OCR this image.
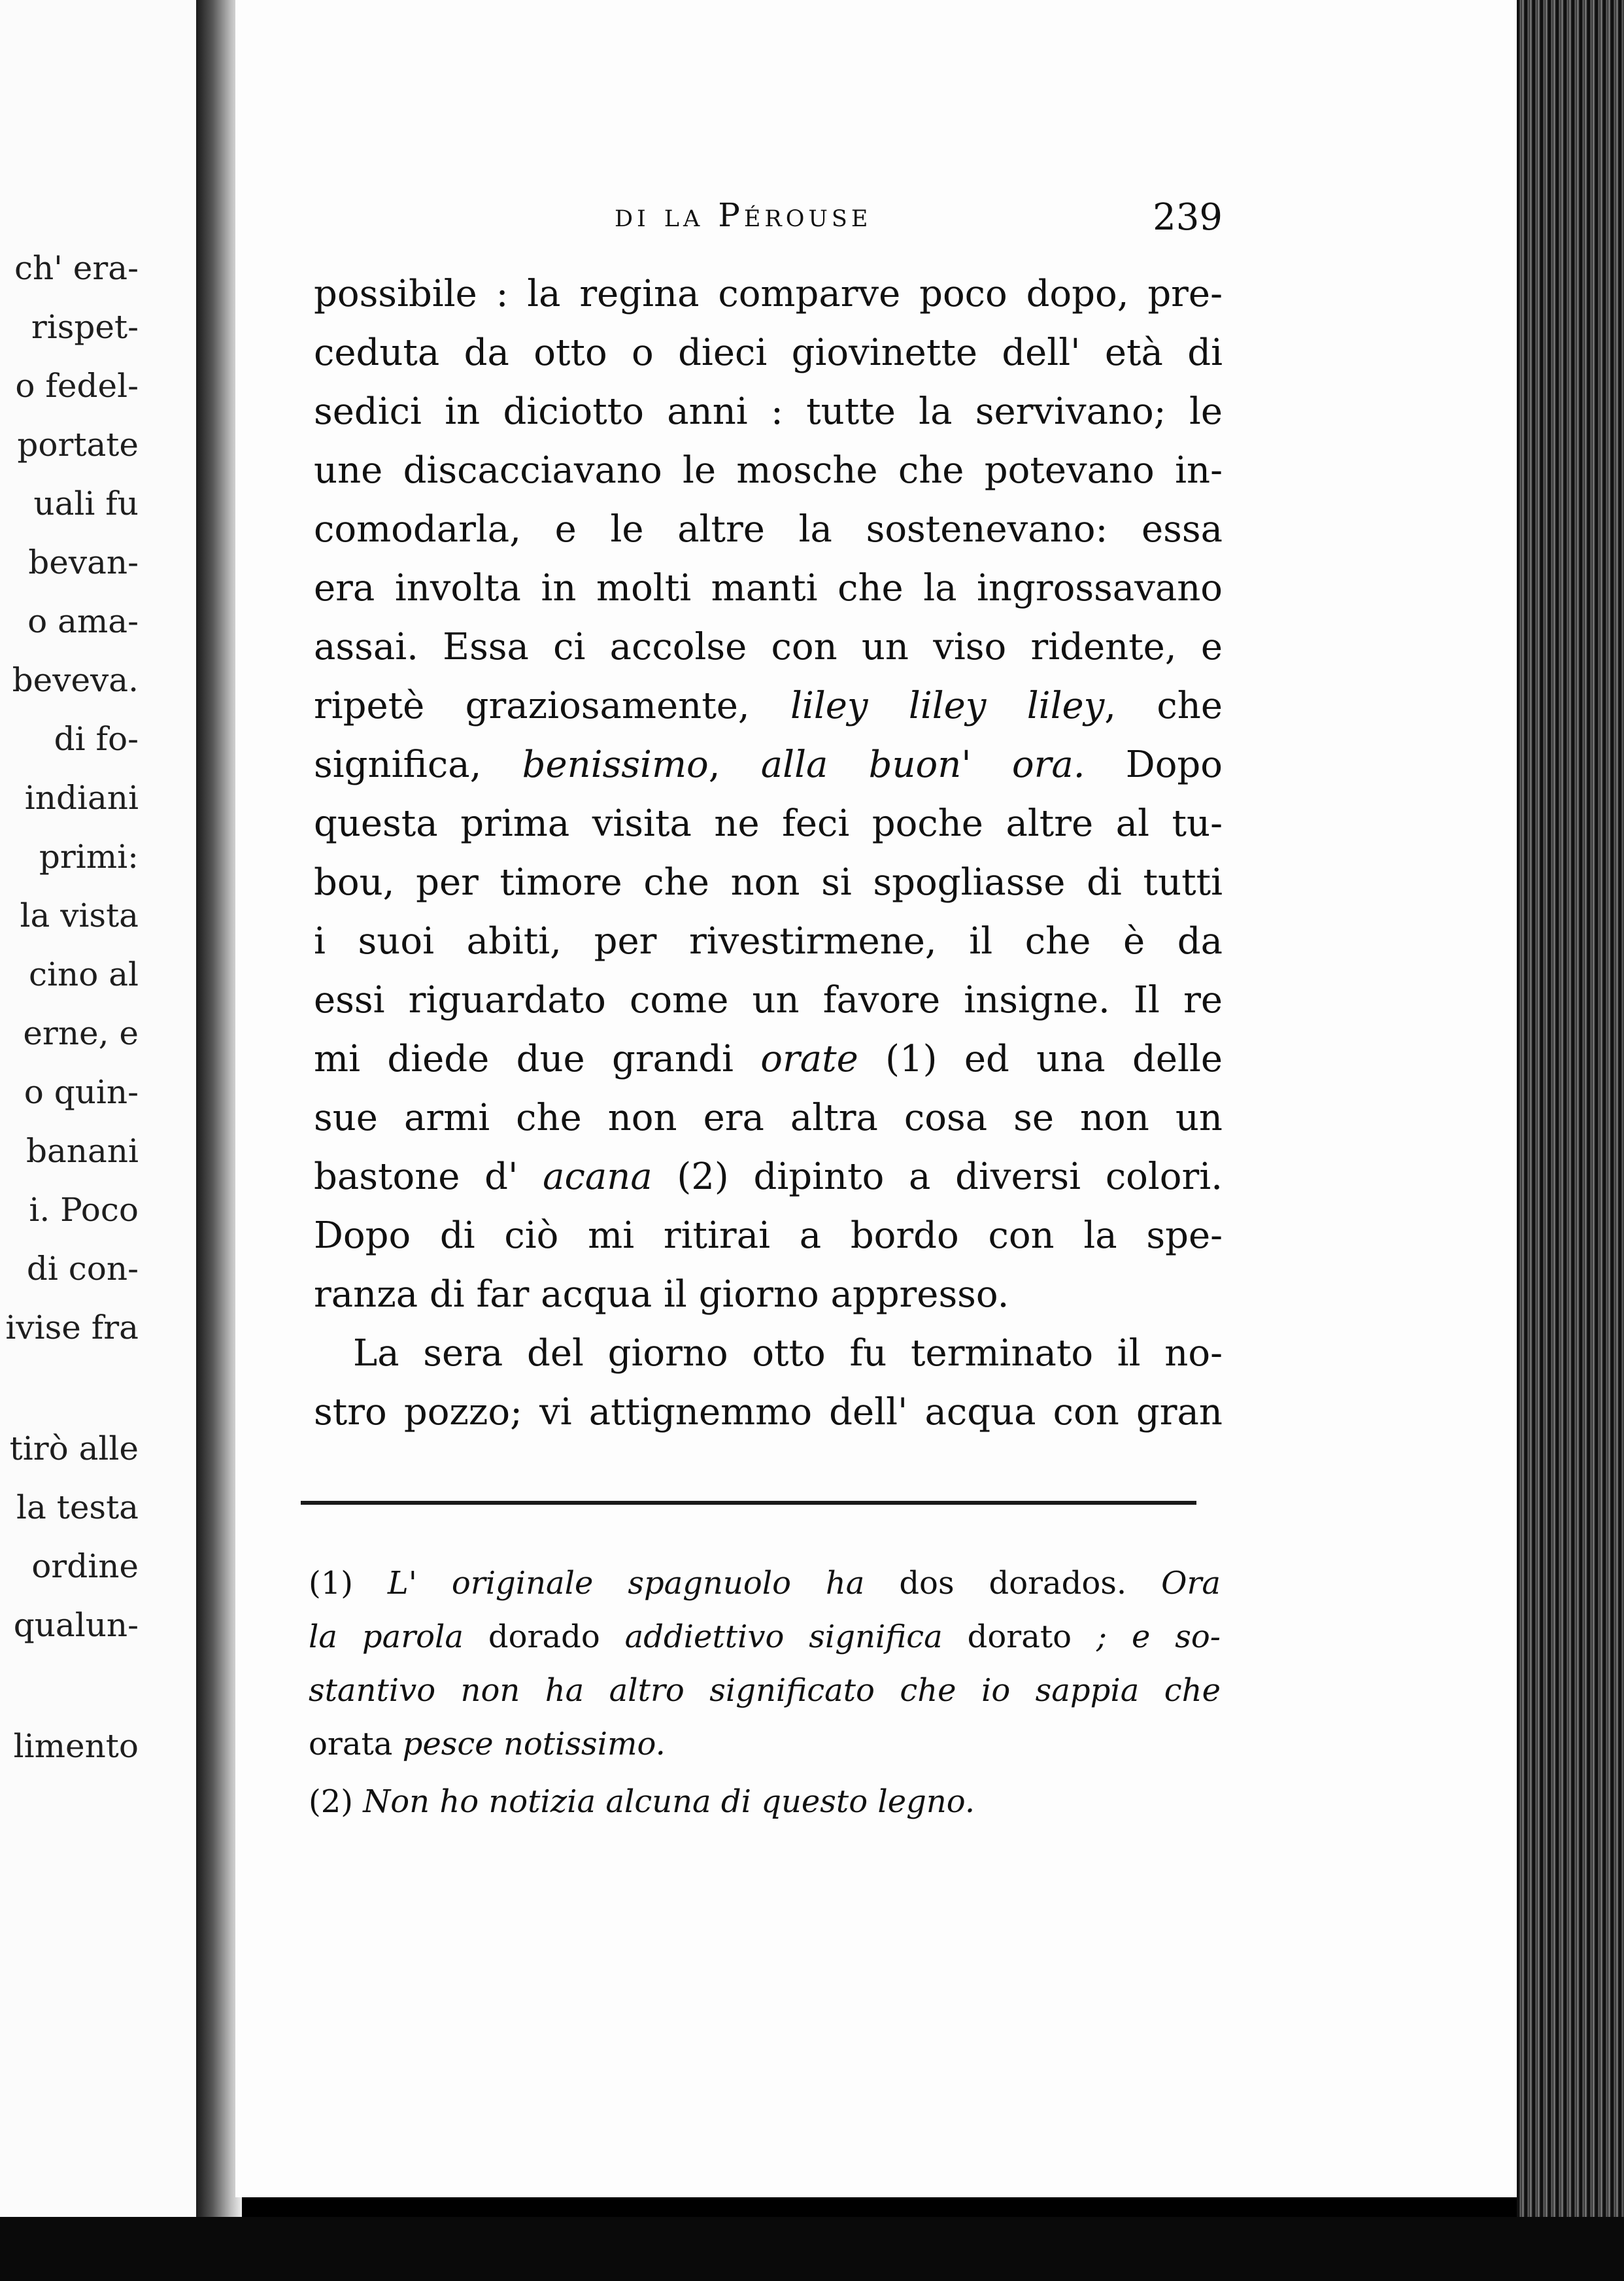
ch' era-
rispet-
o fedel-
portate
uali fu
bevan-
o ama-
beveva.
di fo-
indiani
primi:
la vista
cino al
erne, e
o quin-
banani
i. Poco
di con-
ivise fra
tirò alle
la testa
ordine
qualun-
limento
di la Pérouse	239
possibile : la regina comparve poco dopo, pre-
ceduta da otto o dieci giovinette dell' età di
sedici in diciotto anni : tutte la servivano; le
une discacciavano le mosche che potevano in-
comodarla, e le altre la sostenevano: essa
era involta in molti manti che la ingrossavano
assai. Essa ci accolse con un viso ridente, e
ripetè graziosamente, liley liley liley, che
significa, benissimo, alla buon' ora. Dopo
questa prima visita ne feci poche altre al tu-
bou, per timore che non si spogliasse di tutti
i suoi abiti, per rivestirmene, il che è da
essi riguardato come un favore insigne. Il re
mi diede due grandi orate (1) ed una delle
sue armi che non era altra cosa se non un
bastone d' acana (2) dipinto a diversi colori.
Dopo di ciò mi ritirai a bordo con la spe-
ranza di far acqua il giorno appresso.
La sera del giorno otto fu terminato il no-
stro pozzo; vi attignemmo dell' acqua con gran
(1) L' originale spagnuolo ha dos dorados. Ora
la parola dorado addiettivo significa dorato ; e so-
stantivo non ha altro significato che io sappia che
orata pesce notissimo.
(2) Non ho notizia alcuna di questo legno.
